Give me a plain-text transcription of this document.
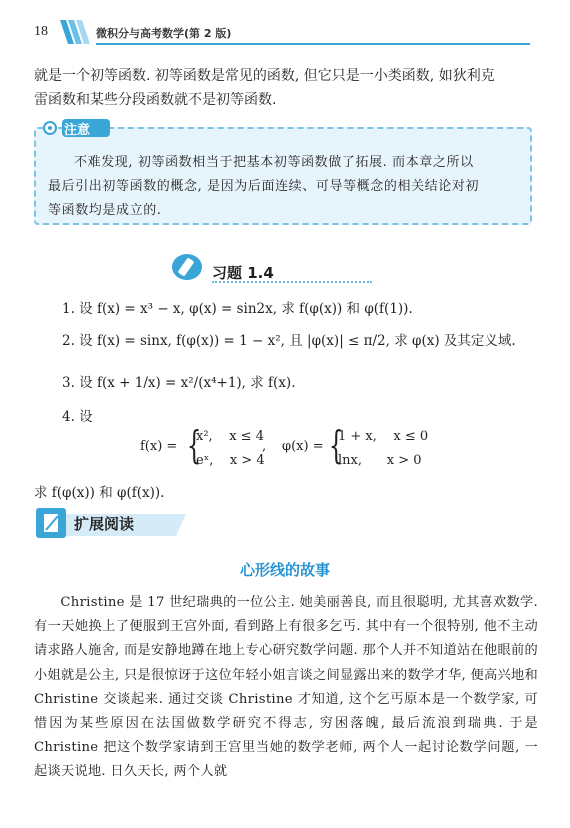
18	微积分与高考数学(第 2 版)
就是一个初等函数. 初等函数是常见的函数, 但它只是一小类函数, 如狄利克
雷函数和某些分段函数就不是初等函数.
不难发现, 初等函数相当于把基本初等函数做了拓展. 而本章之所以
最后引出初等函数的概念, 是因为后面连续、可导等概念的相关结论对初
等函数均是成立的.
注意
习题 1.4
1. 设 f(x) = x³ − x, φ(x) = sin2x, 求 f(φ(x)) 和 φ(f(1)).
2. 设 f(x) = sinx, f(φ(x)) = 1 − x², 且 |φ(x)| ≤ π/2, 求 φ(x) 及其定义域.
3. 设 f(x + 1/x) = x²/(x⁴+1), 求 f(x).
4. 设
f(x) = {
x²,    x ≤ 4
eˣ,    x > 4
, φ(x) = {
1 + x,    x ≤ 0
lnx,      x > 0
求 f(φ(x)) 和 φ(f(x)).
扩展阅读
心形线的故事

Christine 是 17 世纪瑞典的一位公主. 她美丽善良, 而且很聪明, 尤其喜欢数学. 有一天她换上了便服到王宫外面, 看到路上有很多乞丐. 其中有一个很特别, 他不主动请求路人施舍, 而是安静地蹲在地上专心研究数学问题. 那个人并不知道站在他眼前的小姐就是公主, 只是很惊讶于这位年轻小姐言谈之间显露出来的数学才华, 便高兴地和 Christine 交谈起来. 通过交谈 Christine 才知道, 这个乞丐原本是一个数学家, 可惜因为某些原因在法国做数学研究不得志, 穷困落魄, 最后流浪到瑞典. 于是 Christine 把这个数学家请到王宫里当她的数学老师, 两个人一起讨论数学问题, 一起谈天说地. 日久天长, 两个人就
